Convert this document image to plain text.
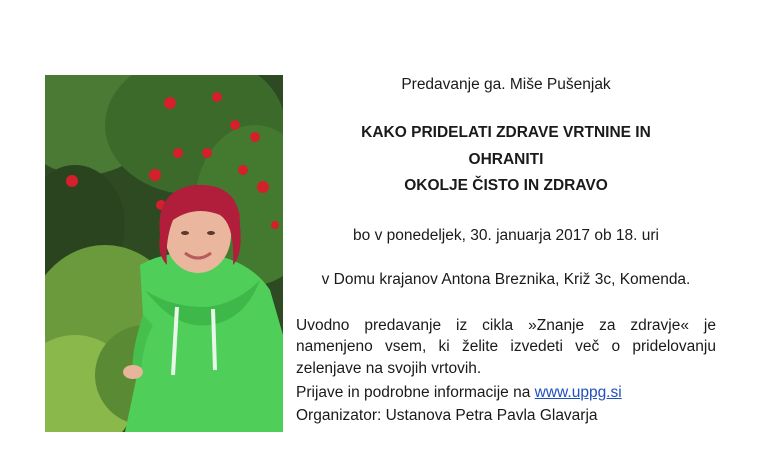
Predavanje ga. Miše Pušenjak
KAKO PRIDELATI ZDRAVE VRTNINE IN
OHRANITI
OKOLJE ČISTO IN ZDRAVO
bo v ponedeljek, 30. januarja 2017 ob 18. uri
v Domu krajanov Antona Breznika, Križ 3c, Komenda.
Uvodno predavanje iz cikla »Znanje za zdravje« je
namenjeno vsem, ki želite izvedeti več o pridelovanju
zelenjave na svojih vrtovih.
Prijave in podrobne informacije na www.uppg.si
Organizator: Ustanova Petra Pavla Glavarja
